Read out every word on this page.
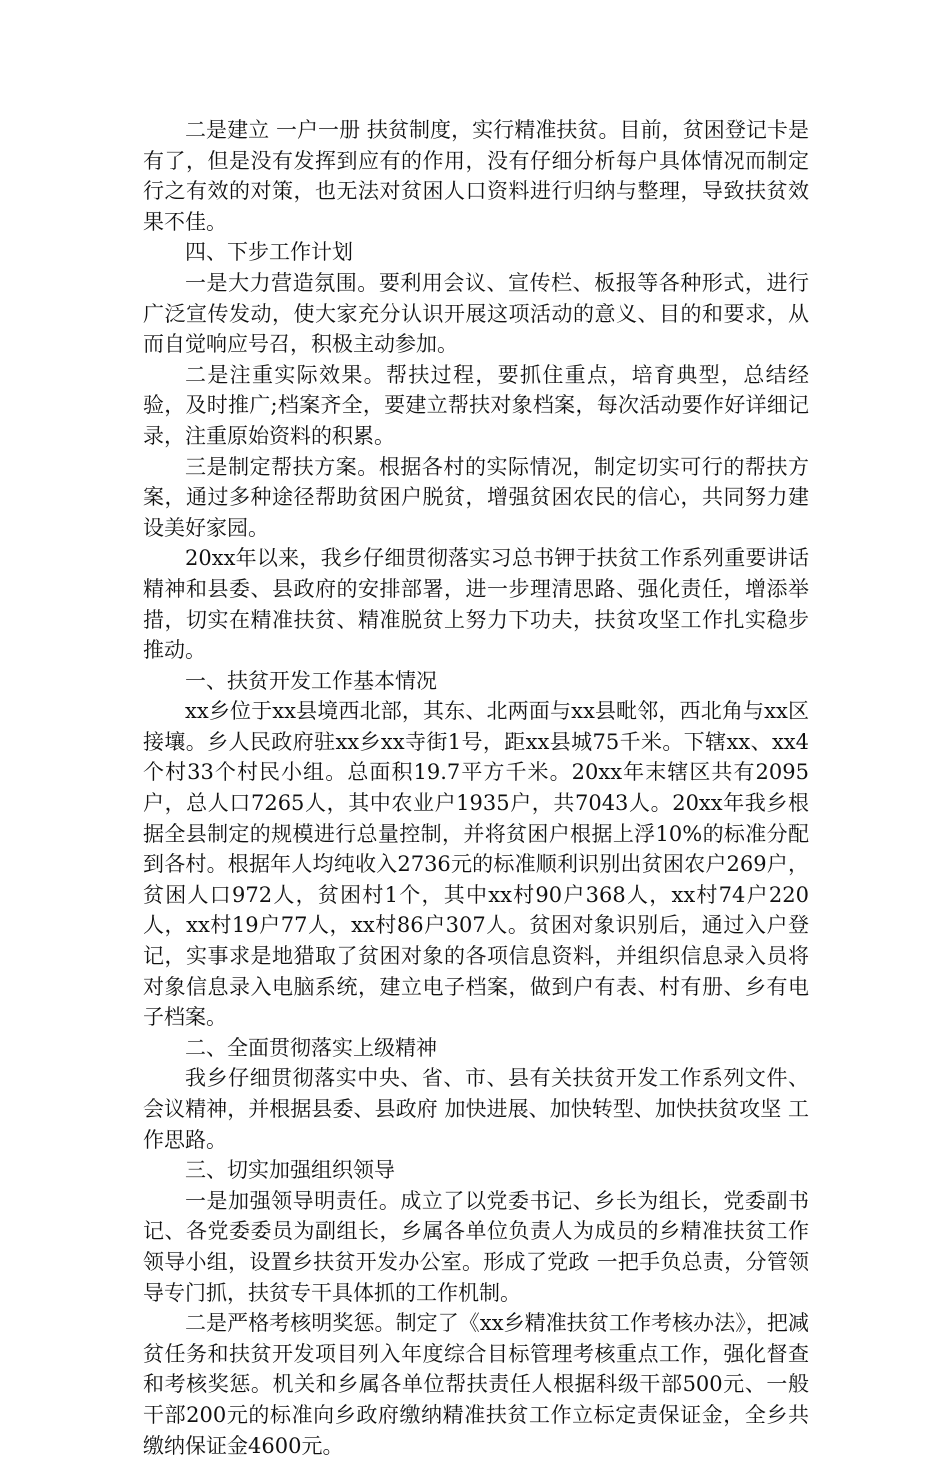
二是建立 一户一册 扶贫制度，实行精准扶贫。目前，贫困登记卡是有了，但是没有发挥到应有的作用，没有仔细分析每户具体情况而制定行之有效的对策，也无法对贫困人口资料进行归纳与整理，导致扶贫效果不佳。

四、下步工作计划

一是大力营造氛围。要利用会议、宣传栏、板报等各种形式，进行广泛宣传发动，使大家充分认识开展这项活动的意义、目的和要求，从而自觉响应号召，积极主动参加。

二是注重实际效果。帮扶过程，要抓住重点，培育典型，总结经验，及时推广;档案齐全，要建立帮扶对象档案，每次活动要作好详细记录，注重原始资料的积累。

三是制定帮扶方案。根据各村的实际情况，制定切实可行的帮扶方案，通过多种途径帮助贫困户脱贫，增强贫困农民的信心，共同努力建设美好家园。

20xx年以来，我乡仔细贯彻落实习总书钾于扶贫工作系列重要讲话精神和县委、县政府的安排部署，进一步理清思路、强化责任，增添举措，切实在精准扶贫、精准脱贫上努力下功夫，扶贫攻坚工作扎实稳步推动。

一、扶贫开发工作基本情况

xx乡位于xx县境西北部，其东、北两面与xx县毗邻，西北角与xx区接壤。乡人民政府驻xx乡xx寺街1号，距xx县城75千米。下辖xx、xx4个村33个村民小组。总面积19.7平方千米。20xx年末辖区共有2095户，总人口7265人，其中农业户1935户，共7043人。20xx年我乡根据全县制定的规模进行总量控制，并将贫困户根据上浮10%的标准分配到各村。根据年人均纯收入2736元的标准顺利识别出贫困农户269户，贫困人口972人，贫困村1个，其中xx村90户368人，xx村74户220人，xx村19户77人，xx村86户307人。贫困对象识别后，通过入户登记，实事求是地猎取了贫困对象的各项信息资料，并组织信息录入员将对象信息录入电脑系统，建立电子档案，做到户有表、村有册、乡有电子档案。

二、全面贯彻落实上级精神

我乡仔细贯彻落实中央、省、市、县有关扶贫开发工作系列文件、会议精神，并根据县委、县政府 加快进展、加快转型、加快扶贫攻坚 工作思路。

三、切实加强组织领导

一是加强领导明责任。成立了以党委书记、乡长为组长，党委副书记、各党委委员为副组长，乡属各单位负责人为成员的乡精准扶贫工作领导小组，设置乡扶贫开发办公室。形成了党政 一把手负总责，分管领导专门抓，扶贫专干具体抓的工作机制。

二是严格考核明奖惩。制定了《xx乡精准扶贫工作考核办法》，把减贫任务和扶贫开发项目列入年度综合目标管理考核重点工作，强化督查和考核奖惩。机关和乡属各单位帮扶责任人根据科级干部500元、一般干部200元的标准向乡政府缴纳精准扶贫工作立标定责保证金，全乡共缴纳保证金4600元。
